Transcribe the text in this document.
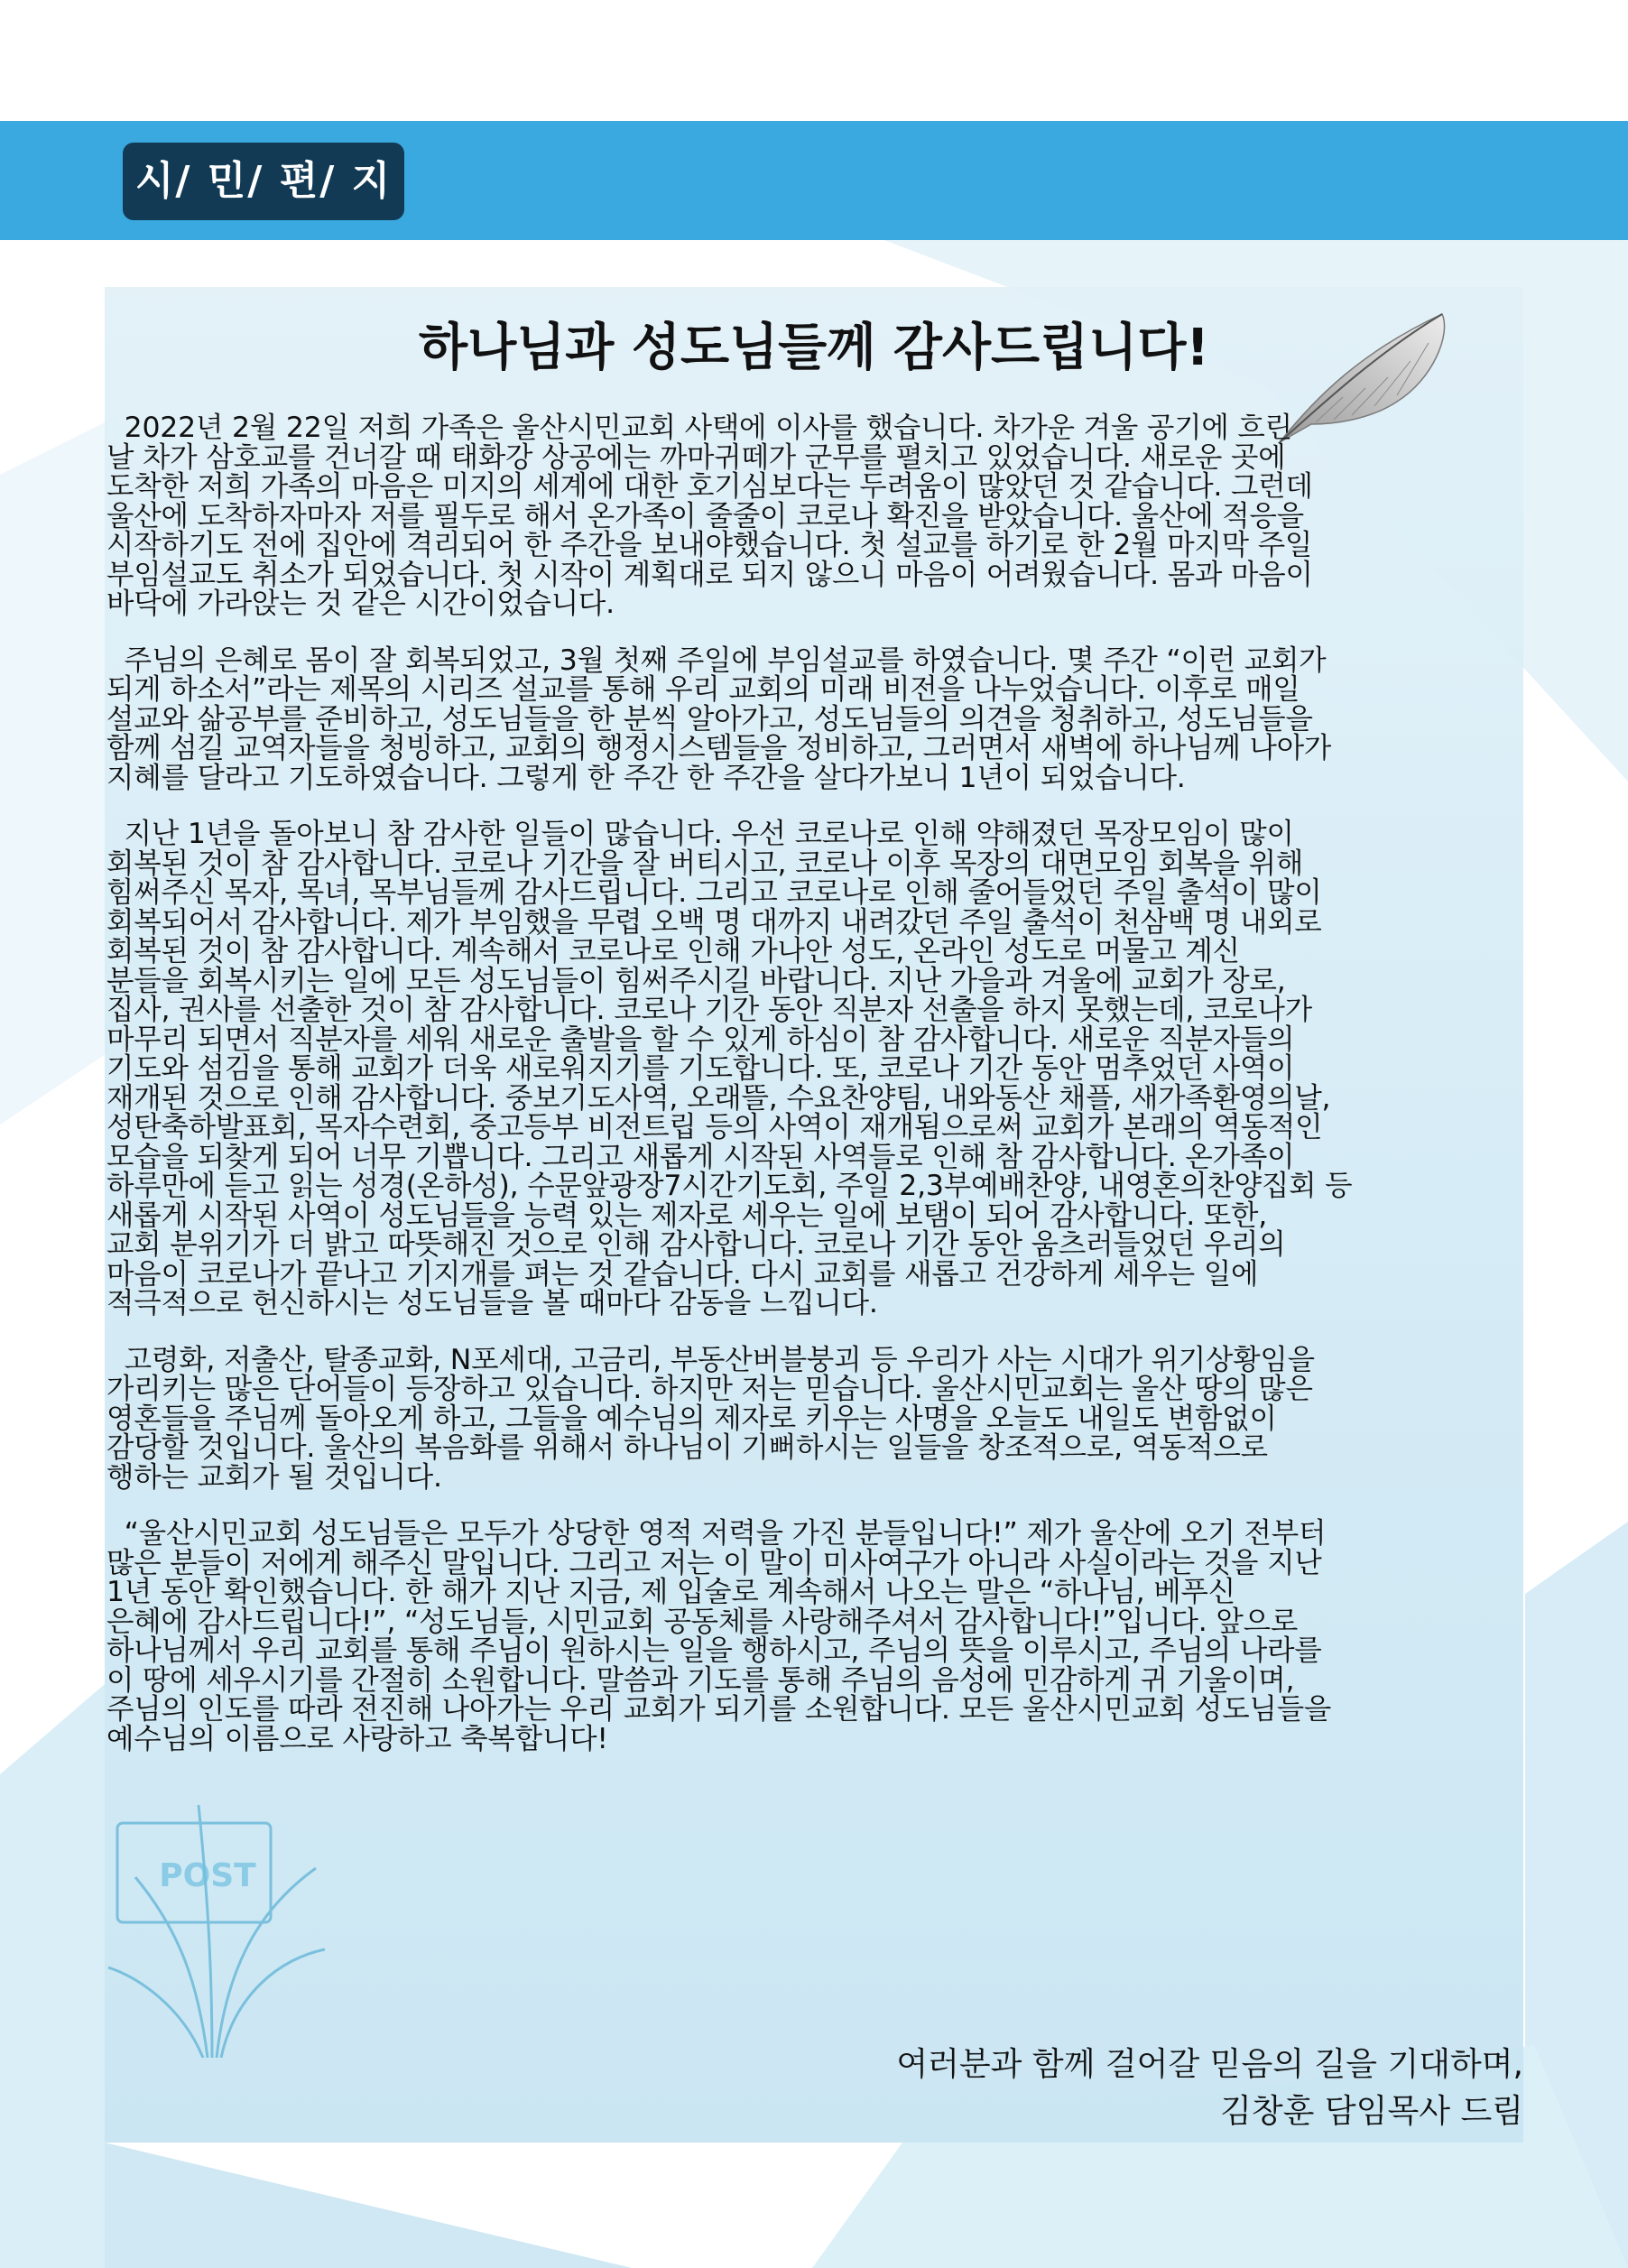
시/ 민/ 편/ 지
POST
하나님과 성도님들께 감사드립니다!
2022년 2월 22일 저희 가족은 울산시민교회 사택에 이사를 했습니다. 차가운 겨울 공기에 흐린
날 차가 삼호교를 건너갈 때 태화강 상공에는 까마귀떼가 군무를 펼치고 있었습니다. 새로운 곳에
도착한 저희 가족의 마음은 미지의 세계에 대한 호기심보다는 두려움이 많았던 것 같습니다. 그런데
울산에 도착하자마자 저를 필두로 해서 온가족이 줄줄이 코로나 확진을 받았습니다. 울산에 적응을
시작하기도 전에 집안에 격리되어 한 주간을 보내야했습니다. 첫 설교를 하기로 한 2월 마지막 주일
부임설교도 취소가 되었습니다. 첫 시작이 계획대로 되지 않으니 마음이 어려웠습니다. 몸과 마음이
바닥에 가라앉는 것 같은 시간이었습니다.
주님의 은혜로 몸이 잘 회복되었고, 3월 첫째 주일에 부임설교를 하였습니다. 몇 주간 “이런 교회가
되게 하소서”라는 제목의 시리즈 설교를 통해 우리 교회의 미래 비전을 나누었습니다. 이후로 매일
설교와 삶공부를 준비하고, 성도님들을 한 분씩 알아가고, 성도님들의 의견을 청취하고, 성도님들을
함께 섬길 교역자들을 청빙하고, 교회의 행정시스템들을 정비하고, 그러면서 새벽에 하나님께 나아가
지혜를 달라고 기도하였습니다. 그렇게 한 주간 한 주간을 살다가보니 1년이 되었습니다.
지난 1년을 돌아보니 참 감사한 일들이 많습니다. 우선 코로나로 인해 약해졌던 목장모임이 많이
회복된 것이 참 감사합니다. 코로나 기간을 잘 버티시고, 코로나 이후 목장의 대면모임 회복을 위해
힘써주신 목자, 목녀, 목부님들께 감사드립니다. 그리고 코로나로 인해 줄어들었던 주일 출석이 많이
회복되어서 감사합니다. 제가 부임했을 무렵 오백 명 대까지 내려갔던 주일 출석이 천삼백 명 내외로
회복된 것이 참 감사합니다. 계속해서 코로나로 인해 가나안 성도, 온라인 성도로 머물고 계신
분들을 회복시키는 일에 모든 성도님들이 힘써주시길 바랍니다. 지난 가을과 겨울에 교회가 장로,
집사, 권사를 선출한 것이 참 감사합니다. 코로나 기간 동안 직분자 선출을 하지 못했는데, 코로나가
마무리 되면서 직분자를 세워 새로운 출발을 할 수 있게 하심이 참 감사합니다. 새로운 직분자들의
기도와 섬김을 통해 교회가 더욱 새로워지기를 기도합니다. 또, 코로나 기간 동안 멈추었던 사역이
재개된 것으로 인해 감사합니다. 중보기도사역, 오래뜰, 수요찬양팀, 내와동산 채플, 새가족환영의날,
성탄축하발표회, 목자수련회, 중고등부 비전트립 등의 사역이 재개됨으로써 교회가 본래의 역동적인
모습을 되찾게 되어 너무 기쁩니다. 그리고 새롭게 시작된 사역들로 인해 참 감사합니다. 온가족이
하루만에 듣고 읽는 성경(온하성), 수문앞광장7시간기도회, 주일 2,3부예배찬양, 내영혼의찬양집회 등
새롭게 시작된 사역이 성도님들을 능력 있는 제자로 세우는 일에 보탬이 되어 감사합니다. 또한,
교회 분위기가 더 밝고 따뜻해진 것으로 인해 감사합니다. 코로나 기간 동안 움츠러들었던 우리의
마음이 코로나가 끝나고 기지개를 펴는 것 같습니다. 다시 교회를 새롭고 건강하게 세우는 일에
적극적으로 헌신하시는 성도님들을 볼 때마다 감동을 느낍니다.
고령화, 저출산, 탈종교화, N포세대, 고금리, 부동산버블붕괴 등 우리가 사는 시대가 위기상황임을
가리키는 많은 단어들이 등장하고 있습니다. 하지만 저는 믿습니다. 울산시민교회는 울산 땅의 많은
영혼들을 주님께 돌아오게 하고, 그들을 예수님의 제자로 키우는 사명을 오늘도 내일도 변함없이
감당할 것입니다. 울산의 복음화를 위해서 하나님이 기뻐하시는 일들을 창조적으로, 역동적으로
행하는 교회가 될 것입니다.
“울산시민교회 성도님들은 모두가 상당한 영적 저력을 가진 분들입니다!” 제가 울산에 오기 전부터
많은 분들이 저에게 해주신 말입니다. 그리고 저는 이 말이 미사여구가 아니라 사실이라는 것을 지난
1년 동안 확인했습니다. 한 해가 지난 지금, 제 입술로 계속해서 나오는 말은 “하나님, 베푸신
은혜에 감사드립니다!”, “성도님들, 시민교회 공동체를 사랑해주셔서 감사합니다!”입니다. 앞으로
하나님께서 우리 교회를 통해 주님이 원하시는 일을 행하시고, 주님의 뜻을 이루시고, 주님의 나라를
이 땅에 세우시기를 간절히 소원합니다. 말씀과 기도를 통해 주님의 음성에 민감하게 귀 기울이며,
주님의 인도를 따라 전진해 나아가는 우리 교회가 되기를 소원합니다. 모든 울산시민교회 성도님들을
예수님의 이름으로 사랑하고 축복합니다!
여러분과 함께 걸어갈 믿음의 길을 기대하며,
김창훈 담임목사 드림
